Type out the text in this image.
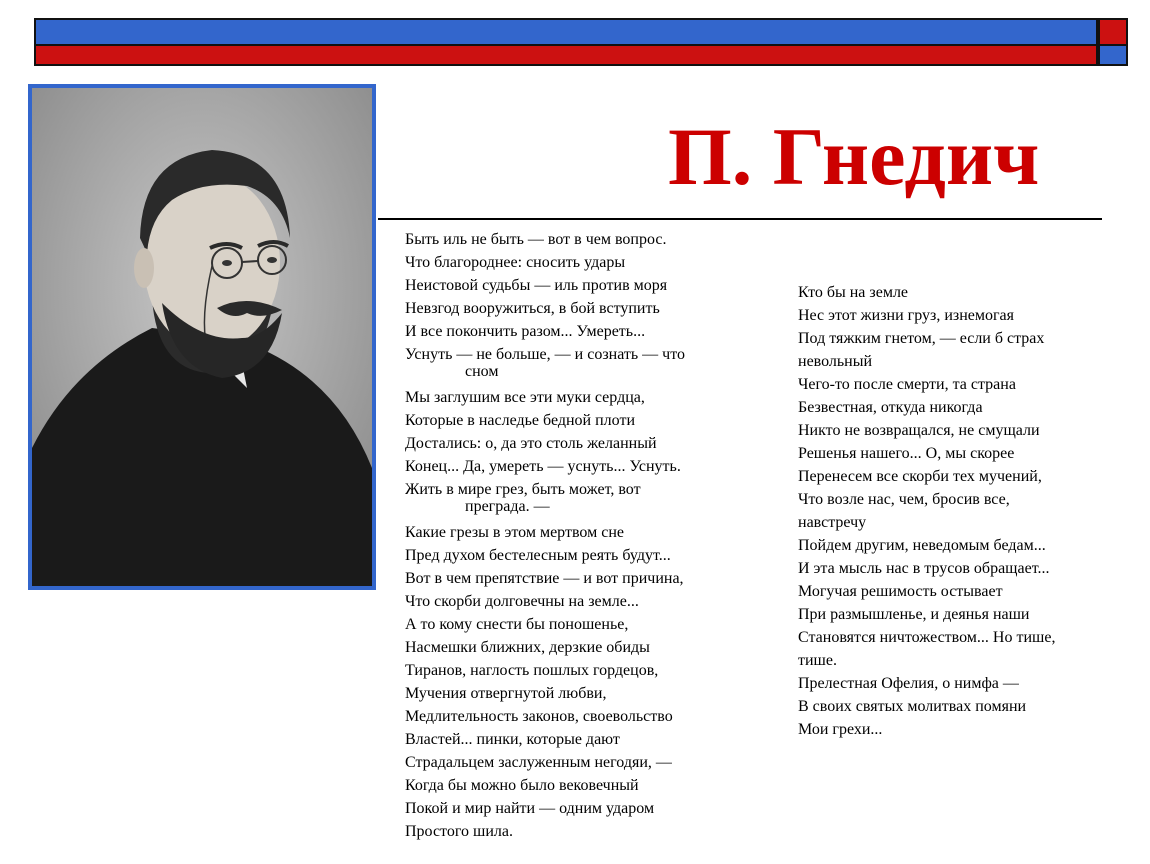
П. Гнедич
Быть иль не быть — вот в чем вопрос.
Что благороднее: сносить удары
Неистовой судьбы — иль против моря
Невзгод вооружиться, в бой вступить
И все покончить разом... Умереть...
Уснуть — не больше, — и сознать — что
сном
Мы заглушим все эти муки сердца,
Которые в наследье бедной плоти
Достались: о, да это столь желанный
Конец... Да, умереть — уснуть... Уснуть.
Жить в мире грез, быть может, вот
преграда. —
Какие грезы в этом мертвом сне
Пред духом бестелесным реять будут...
Вот в чем препятствие — и вот причина,
Что скорби долговечны на земле...
А то кому снести бы поношенье,
Насмешки ближних, дерзкие обиды
Тиранов, наглость пошлых гордецов,
Мучения отвергнутой любви,
Медлительность законов, своевольство
Властей... пинки, которые дают
Страдальцем заслуженным негодяи, —
Когда бы можно было вековечный
Покой и мир найти — одним ударом
Простого шила.
Кто бы на земле
Нес этот жизни груз, изнемогая
Под тяжким гнетом, — если б страх
невольный
Чего-то после смерти, та страна
Безвестная, откуда никогда
Никто не возвращался, не смущали
Решенья нашего... О, мы скорее
Перенесем все скорби тех мучений,
Что возле нас, чем, бросив все,
навстречу
Пойдем другим, неведомым бедам...
И эта мысль нас в трусов обращает...
Могучая решимость остывает
При размышленье, и деянья наши
Становятся ничтожеством... Но тише,
тише.
Прелестная Офелия, о нимфа —
В своих святых молитвах помяни
Мои грехи...
